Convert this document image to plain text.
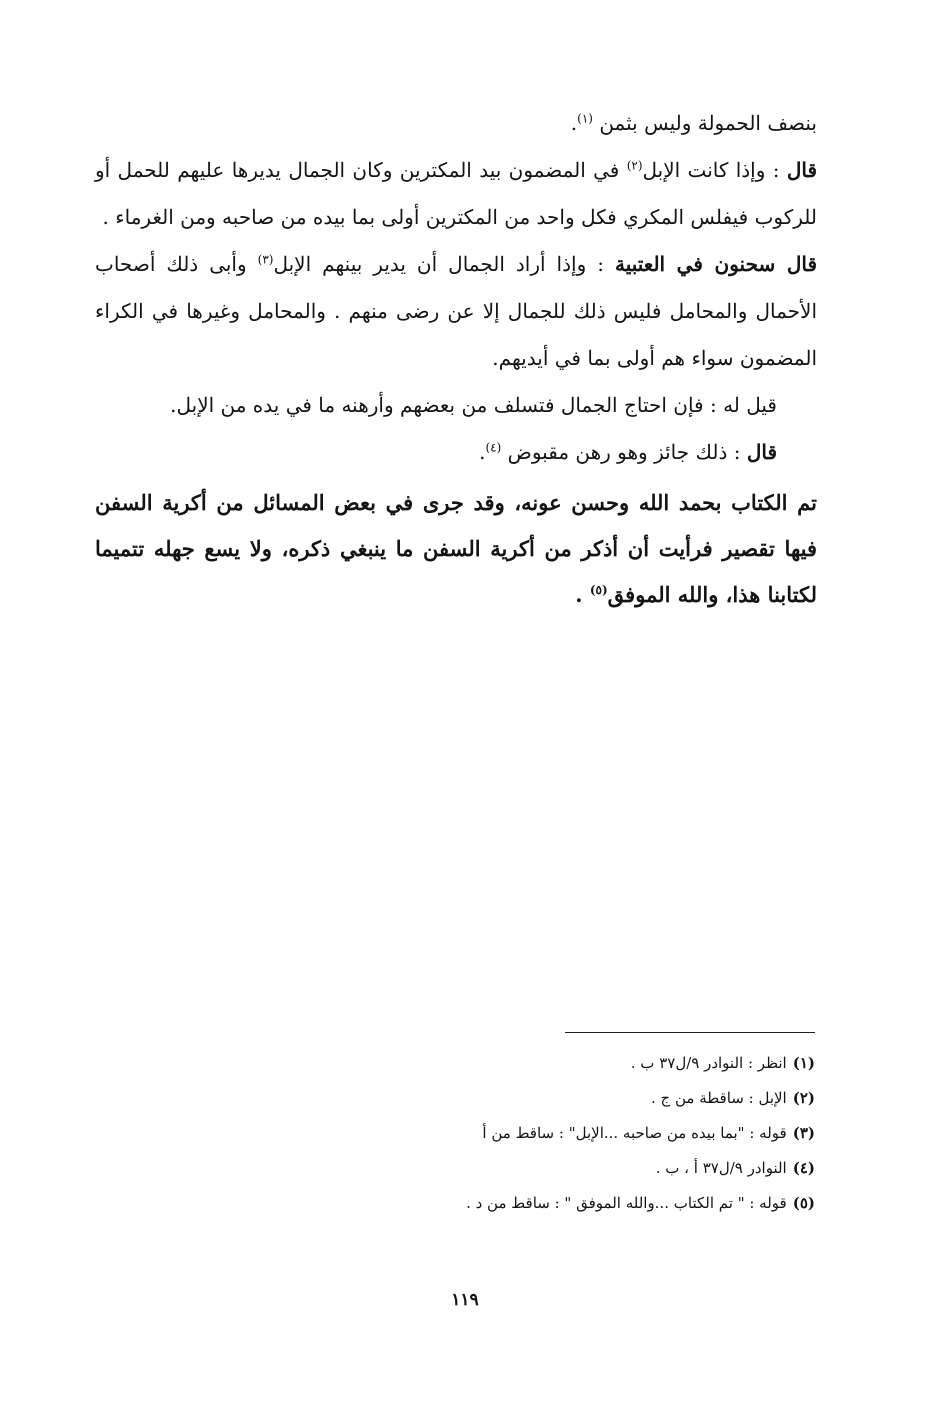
بنصف الحمولة وليس بثمن $^{(١)}$.

قال : وإذا كانت الإبل$^{(٢)}$ في المضمون بيد المكترين وكان الجمال يديرها عليهم للحمل أو للركوب فيفلس المكري فكل واحد من المكترين أولى بما بيده من صاحبه ومن الغرماء .

قال سحنون في العتبية : وإذا أراد الجمال أن يدير بينهم الإبل$^{(٣)}$ وأبى ذلك أصحاب الأحمال والمحامل فليس ذلك للجمال إلا عن رضى منهم . والمحامل وغيرها في الكراء المضمون سواء هم أولى بما في أيديهم.

قيل له : فإن احتاج الجمال فتسلف من بعضهم وأرهنه ما في يده من الإبل.

قال : ذلك جائز وهو رهن مقبوض $^{(٤)}$.

تم الكتاب بحمد الله وحسن عونه، وقد جرى في بعض المسائل من أكرية السفن فيها تقصير فرأيت أن أذكر من أكرية السفن ما ينبغي ذكره، ولا يسع جهله تتميما لكتابنا هذا، والله الموفق$^{(٥)}$ .

(١)انظر : النوادر ٩/ل٣٧ ب .
(٢)الإبل : ساقطة من ج .
(٣)قوله : "بما بيده من صاحبه ...الإبل" : ساقط من أ
(٤)النوادر ٩/ل٣٧ أ ، ب .
(٥)قوله : " تم الكتاب ...والله الموفق " : ساقط من د .
١١٩
